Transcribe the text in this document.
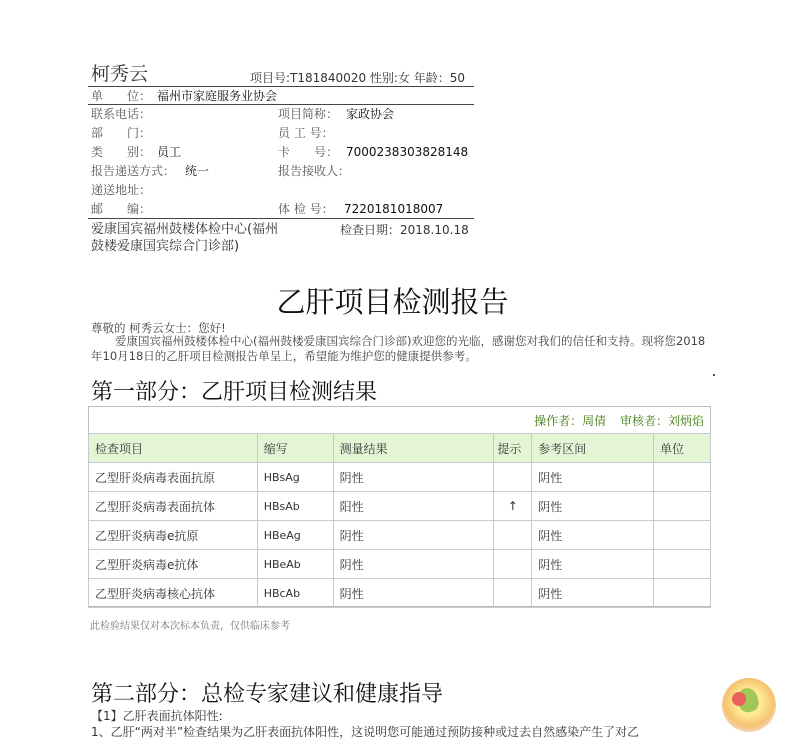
柯秀云	项目号:T181840020 性别:女 年龄：50
单　　位： 福州市家庭服务业协会
联系电话：	项目简称： 家政协会
部　　门：	员 工 号：
类　　别： 员工	卡　　号： 7000238303828148
报告递送方式： 统一	报告接收人：
递送地址：
邮　　编：	体 检 号： 7220181018007
爱康国宾福州鼓楼体检中心(福州鼓楼爱康国宾综合门诊部)
检查日期：2018.10.18
乙肝项目检测报告
尊敬的 柯秀云女士：您好!
爱康国宾福州鼓楼体检中心(福州鼓楼爱康国宾综合门诊部)欢迎您的光临，感谢您对我们的信任和支持。现将您2018年10月18日的乙肝项目检测报告单呈上，希望能为维护您的健康提供参考。
第一部分：乙肝项目检测结果
操作者：周倩 审核者：刘炳焰
检查项目	缩写	测量结果	提示	参考区间	单位
乙型肝炎病毒表面抗原	HBsAg	阴性		阴性	
乙型肝炎病毒表面抗体	HBsAb	阳性	↑	阴性	
乙型肝炎病毒e抗原	HBeAg	阴性		阴性	
乙型肝炎病毒e抗体	HBeAb	阴性		阴性	
乙型肝炎病毒核心抗体	HBcAb	阴性		阴性	
此检验结果仅对本次标本负责，仅供临床参考
第二部分：总检专家建议和健康指导
【1】乙肝表面抗体阳性:
1、乙肝“两对半”检查结果为乙肝表面抗体阳性，这说明您可能通过预防接种或过去自然感染产生了对乙
